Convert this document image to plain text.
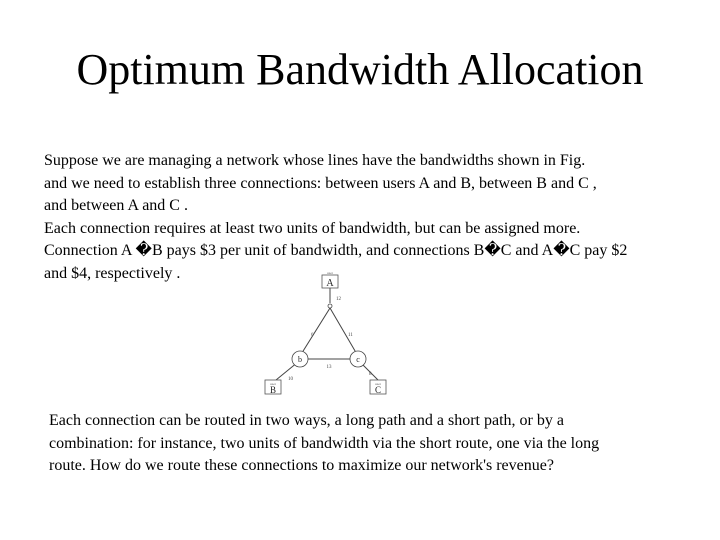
Optimum Bandwidth Allocation
Suppose we are managing a network whose lines have the bandwidths shown in Fig.
and we need to establish three connections: between users A and B, between B and C ,
and between A and C .
Each connection requires at least two units of bandwidth, but can be assigned more.
Connection A �B pays $3 per unit of bandwidth, and connections B�C and A�C pay $2
and $4, respectively .	user
A
user
B
user
C
b	c
12
6	11
13
10
8
Each connection can be routed in two ways, a long path and a short path, or by a
combination: for instance, two units of bandwidth via the short route, one via the long
route. How do we route these connections to maximize our network's revenue?
